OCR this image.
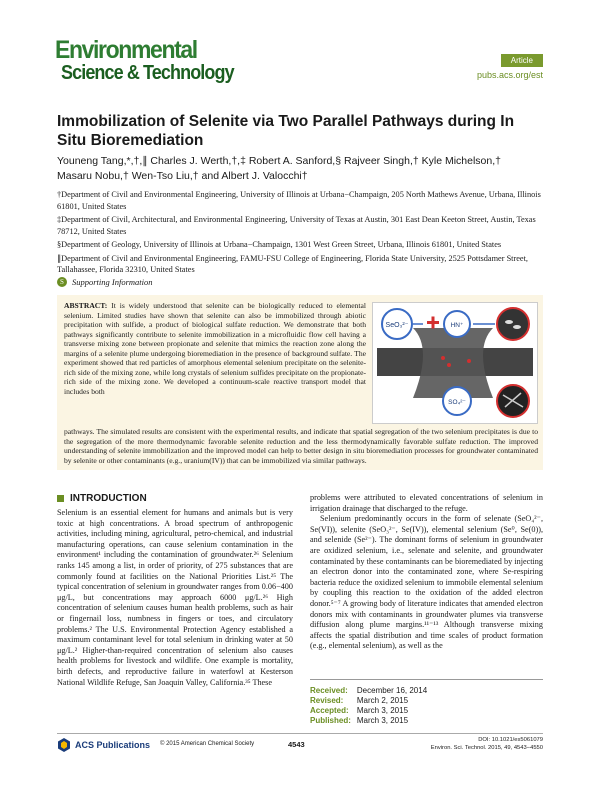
Environmental
Science & Technology
Article
pubs.acs.org/est
Immobilization of Selenite via Two Parallel Pathways during In Situ Bioremediation
Youneng Tang,*,†,∥ Charles J. Werth,†,‡ Robert A. Sanford,§ Rajveer Singh,† Kyle Michelson,†
Masaru Nobu,† Wen-Tso Liu,† and Albert J. Valocchi†

†Department of Civil and Environmental Engineering, University of Illinois at Urbana−Champaign, 205 North Mathews Avenue, Urbana, Illinois 61801, United States

‡Department of Civil, Architectural, and Environmental Engineering, University of Texas at Austin, 301 East Dean Keeton Street, Austin, Texas 78712, United States

§Department of Geology, University of Illinois at Urbana−Champaign, 1301 West Green Street, Urbana, Illinois 61801, United States

∥Department of Civil and Environmental Engineering, FAMU-FSU College of Engineering, Florida State University, 2525 Pottsdamer Street, Tallahassee, Florida 32310, United States

S Supporting Information
ABSTRACT: It is widely understood that selenite can be biologically reduced to elemental selenium. Limited studies have shown that selenite can also be immobilized through abiotic precipitation with sulfide, a product of biological sulfate reduction. We demonstrate that both pathways significantly contribute to selenite immobilization in a microfluidic flow cell having a transverse mixing zone between propionate and selenite that mimics the reaction zone along the margins of a selenite plume undergoing bioremediation in the presence of background sulfate. The experiment showed that red particles of amorphous elemental selenium precipitate on the selenite-rich side of the mixing zone, while long crystals of selenium sulfides precipitate on the propionate-rich side of the mixing zone. We developed a continuum-scale reactive transport model that includes both
pathways. The simulated results are consistent with the experimental results, and indicate that spatial segregation of the two selenium precipitates is due to the segregation of the more thermodynamic favorable selenite reduction and the less thermodynamically favorable sulfate reduction. The improved understanding of selenite immobilization and the improved model can help to better design in situ bioremediation processes for groundwater contaminated by selenite or other contaminants (e.g., uranium(IV)) that can be immobilized via similar pathways.
SeO₃²⁻	HN⁺
SO₄²⁻
INTRODUCTION

Selenium is an essential element for humans and animals but is very toxic at high concentrations. A broad spectrum of anthropogenic activities, including mining, agricultural, petro-chemical, and industrial manufacturing operations, can cause selenium contamination in the environment¹ including the contamination of groundwater.²⁶ Selenium ranks 145 among a list, in order of priority, of 275 substances that are commonly found at facilities on the National Priorities List.²⁵ The typical concentration of selenium in groundwater ranges from 0.06−400 μg/L, but concentrations may approach 6000 μg/L.²⁶ High concentration of selenium causes human health problems, such as hair or fingernail loss, numbness in fingers or toes, and circulatory problems.² The U.S. Environmental Protection Agency established a maximum contaminant level for total selenium in drinking water at 50 μg/L.² Higher-than-required concentration of selenium also causes health problems for livestock and wildlife. One example is mortality, birth defects, and reproductive failure in waterfowl at Kesterson National Wildlife Refuge, San Joaquin Valley, California.³⁵ These

problems were attributed to elevated concentrations of selenium in irrigation drainage that discharged to the refuge.

Selenium predominantly occurs in the form of selenate (SeO₄²⁻, Se(VI)), selenite (SeO₃²⁻, Se(IV)), elemental selenium (Se⁰, Se(0)), and selenide (Se²⁻). The dominant forms of selenium in groundwater are oxidized selenium, i.e., selenate and selenite, and groundwater contaminated by these contaminants can be bioremediated by injecting an electron donor into the contaminated zone, where Se-respiring bacteria reduce the oxidized selenium to immobile elemental selenium by coupling this reaction to the oxidation of the added electron donor.⁵⁻⁷ A growing body of literature indicates that amended electron donors mix with contaminants in groundwater plumes via transverse diffusion along plume margins.¹¹⁻¹³ Although transverse mixing affects the spatial distribution and time scales of product formation (e.g., elemental selenium), as well as the

Received:	December 16, 2014
Revised:	March 2, 2015
Accepted:	March 3, 2015
Published:	March 3, 2015
ACS Publications © 2015 American Chemical Society	4543	DOI: 10.1021/es5061079
Environ. Sci. Technol. 2015, 49, 4543−4550
